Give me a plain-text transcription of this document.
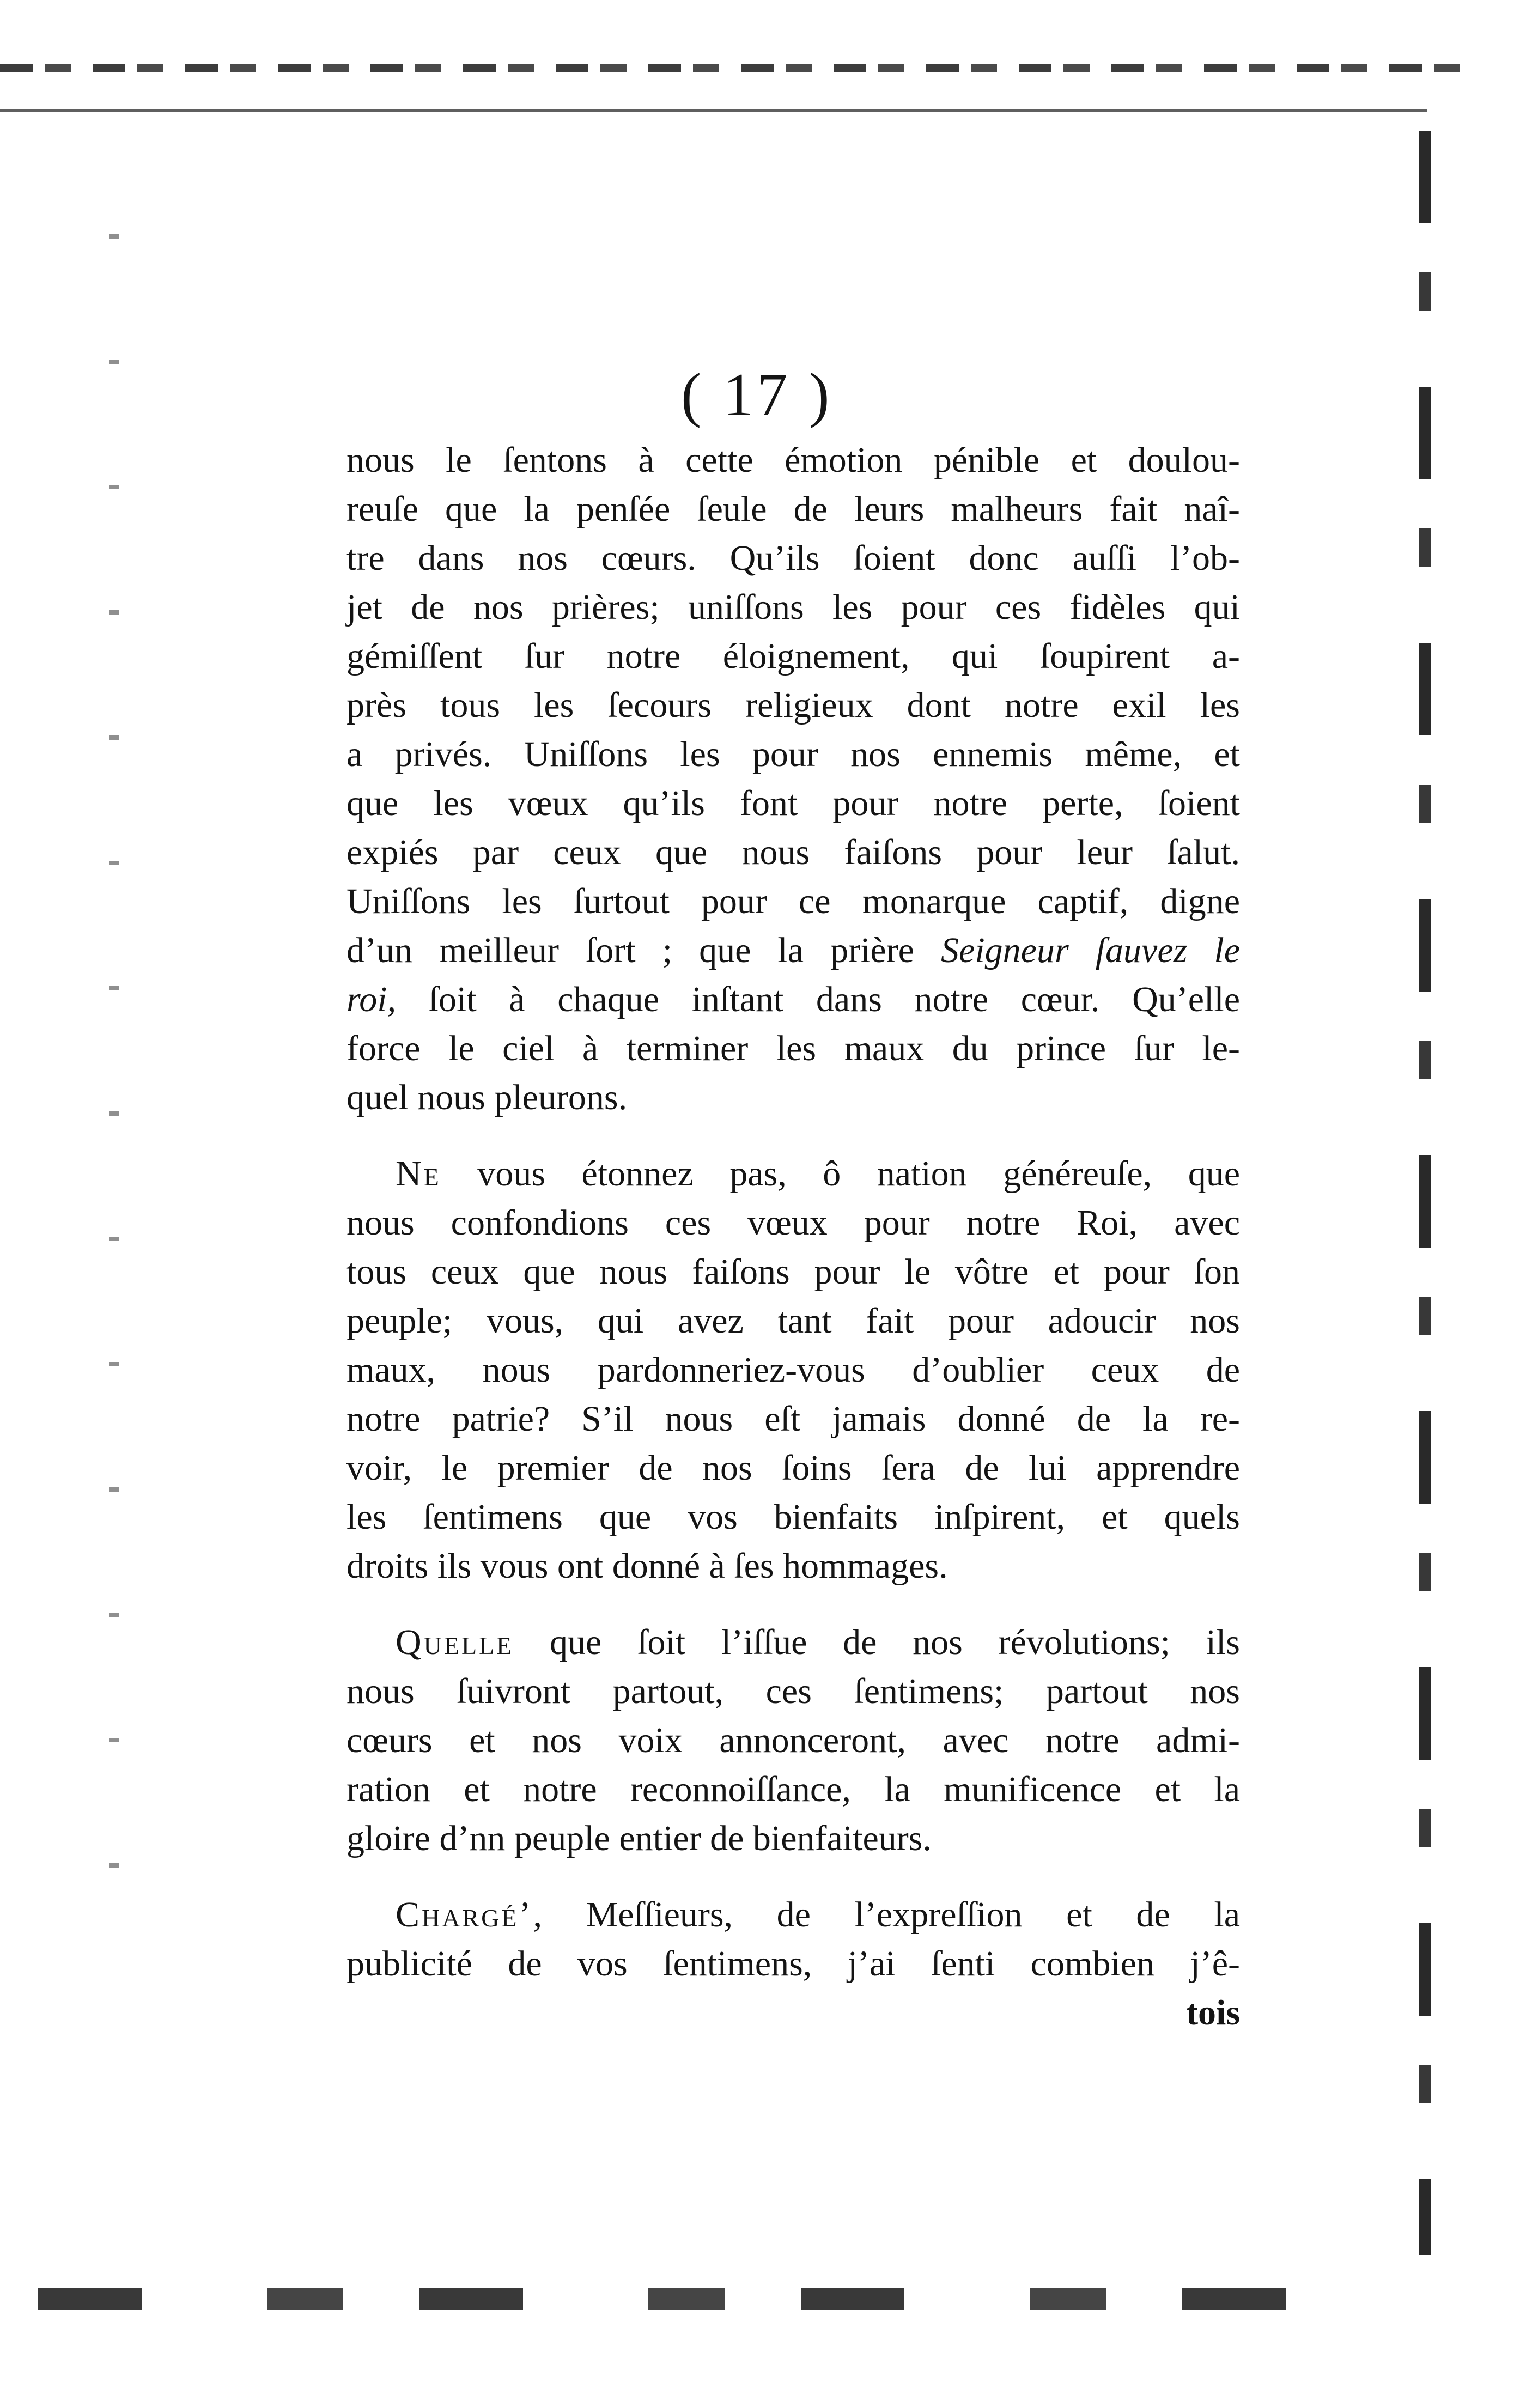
( 17 )
nous le ſentons à cette émotion pénible et doulou-
reuſe que la penſée ſeule de leurs malheurs fait naî-
tre dans nos cœurs. Qu’ils ſoient donc auſſi l’ob-
jet de nos prières; uniſſons les pour ces fidèles qui
gémiſſent ſur notre éloignement, qui ſoupirent a-
près tous les ſecours religieux dont notre exil les
a privés. Uniſſons les pour nos ennemis même, et
que les vœux qu’ils font pour notre perte, ſoient
expiés par ceux que nous faiſons pour leur ſalut.
Uniſſons les ſurtout pour ce monarque captif, digne
d’un meilleur ſort ; que la prière Seigneur ſauvez le
roi, ſoit à chaque inſtant dans notre cœur. Qu’elle
force le ciel à terminer les maux du prince ſur le-
quel nous pleurons.
Ne vous étonnez pas, ô nation généreuſe, que
nous confondions ces vœux pour notre Roi, avec
tous ceux que nous faiſons pour le vôtre et pour ſon
peuple; vous, qui avez tant fait pour adoucir nos
maux, nous pardonneriez-vous d’oublier ceux de
notre patrie? S’il nous eſt jamais donné de la re-
voir, le premier de nos ſoins ſera de lui apprendre
les ſentimens que vos bienfaits inſpirent, et quels
droits ils vous ont donné à ſes hommages.
Quelle que ſoit l’iſſue de nos révolutions; ils
nous ſuivront partout, ces ſentimens; partout nos
cœurs et nos voix annonceront, avec notre admi-
ration et notre reconnoiſſance, la munificence et la
gloire d’nn peuple entier de bienfaiteurs.
Chargé’, Meſſieurs, de l’expreſſion et de la
publicité de vos ſentimens, j’ai ſenti combien j’ê-
tois
